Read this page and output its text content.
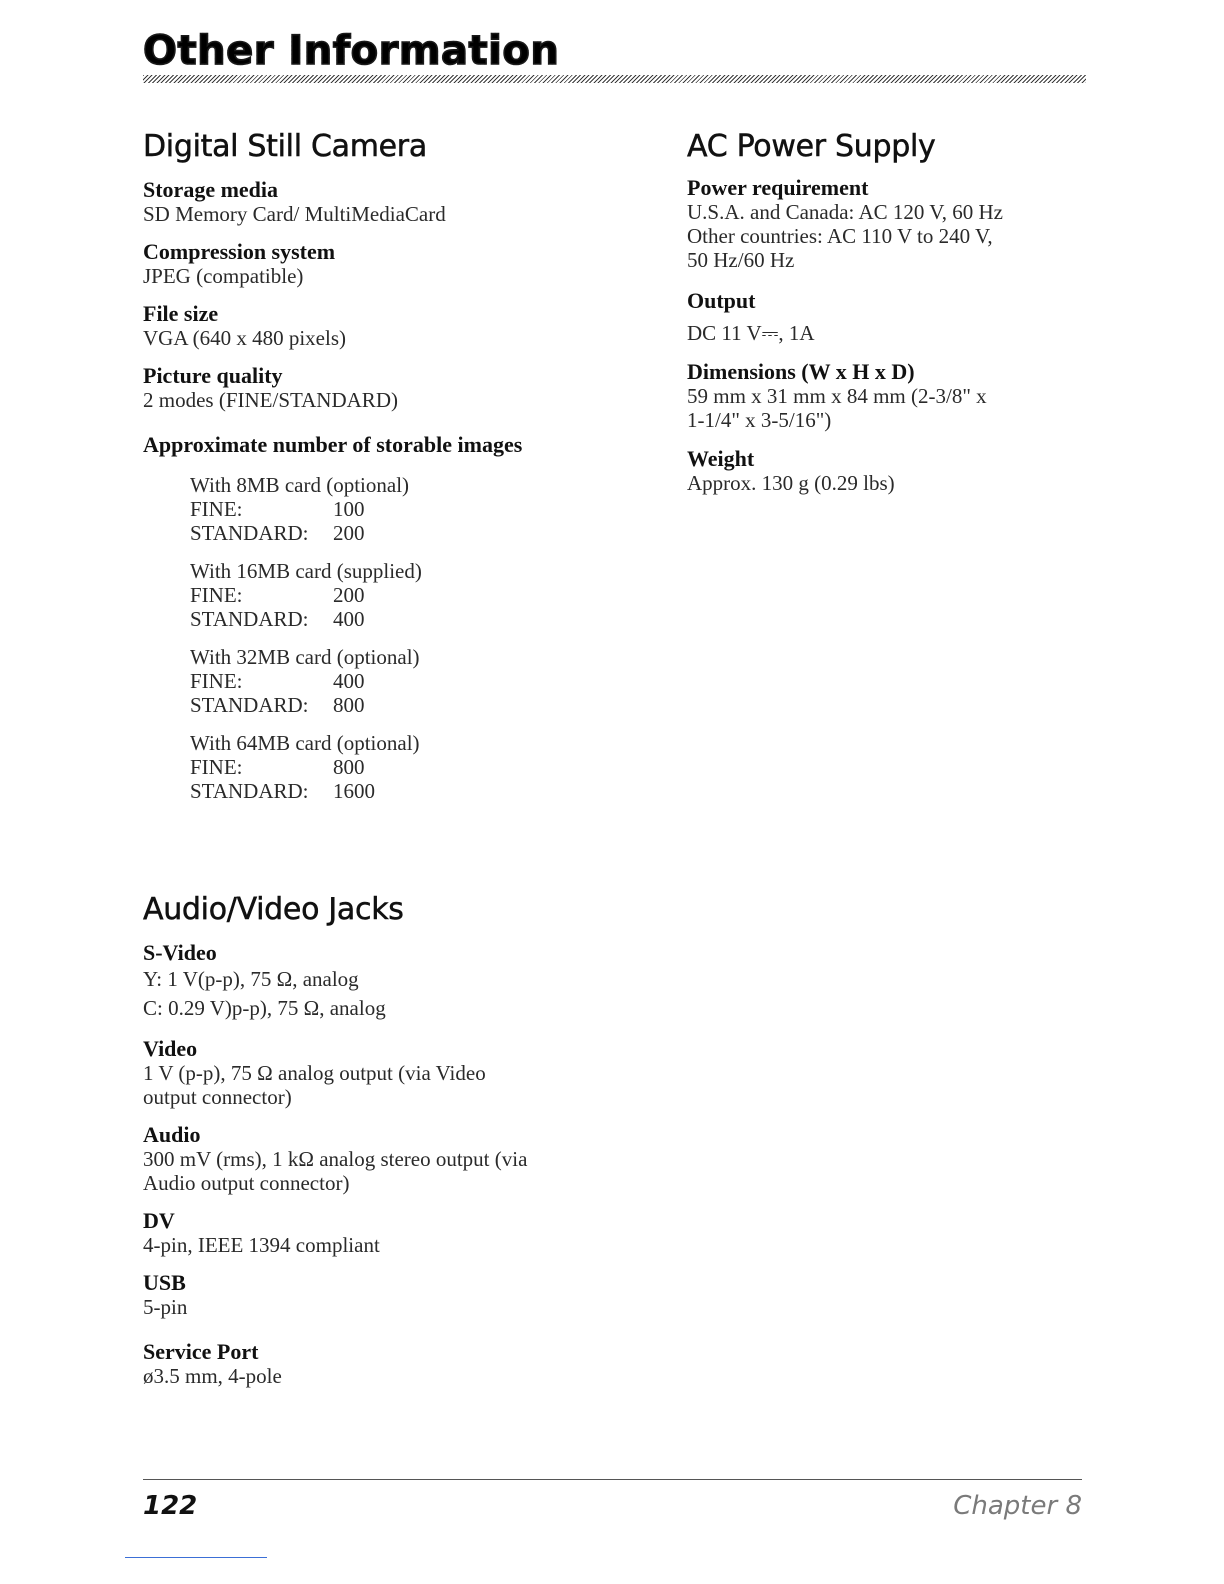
Other Information
Digital Still Camera
Storage media
SD Memory Card/ MultiMediaCard
Compression system
JPEG (compatible)
File size
VGA (640 x 480 pixels)
Picture quality
2 modes (FINE/STANDARD)
Approximate number of storable images
With 8MB card (optional)
FINE:	100
STANDARD:	200
With 16MB card (supplied)
FINE:	200
STANDARD:	400
With 32MB card (optional)
FINE:	400
STANDARD:	800
With 64MB card (optional)
FINE:	800
STANDARD:	1600
Audio/Video Jacks
S-Video
Y: 1 V(p-p), 75 Ω, analog
C: 0.29 V)p-p), 75 Ω, analog
Video
1 V (p-p), 75 Ω analog output (via Video
output connector)
Audio
300 mV (rms), 1 kΩ analog stereo output (via
Audio output connector)
DV
4-pin, IEEE 1394 compliant
USB
5-pin
Service Port
ø3.5 mm, 4-pole
AC Power Supply
Power requirement
U.S.A. and Canada: AC 120 V, 60 Hz
Other countries: AC 110 V to 240 V,
50 Hz/60 Hz
Output
DC 11 V⎓, 1A
Dimensions (W x H x D)
59 mm x 31 mm x 84 mm (2-3/8" x
1-1/4" x 3-5/16")
Weight
Approx. 130 g (0.29 lbs)
122	Chapter 8
